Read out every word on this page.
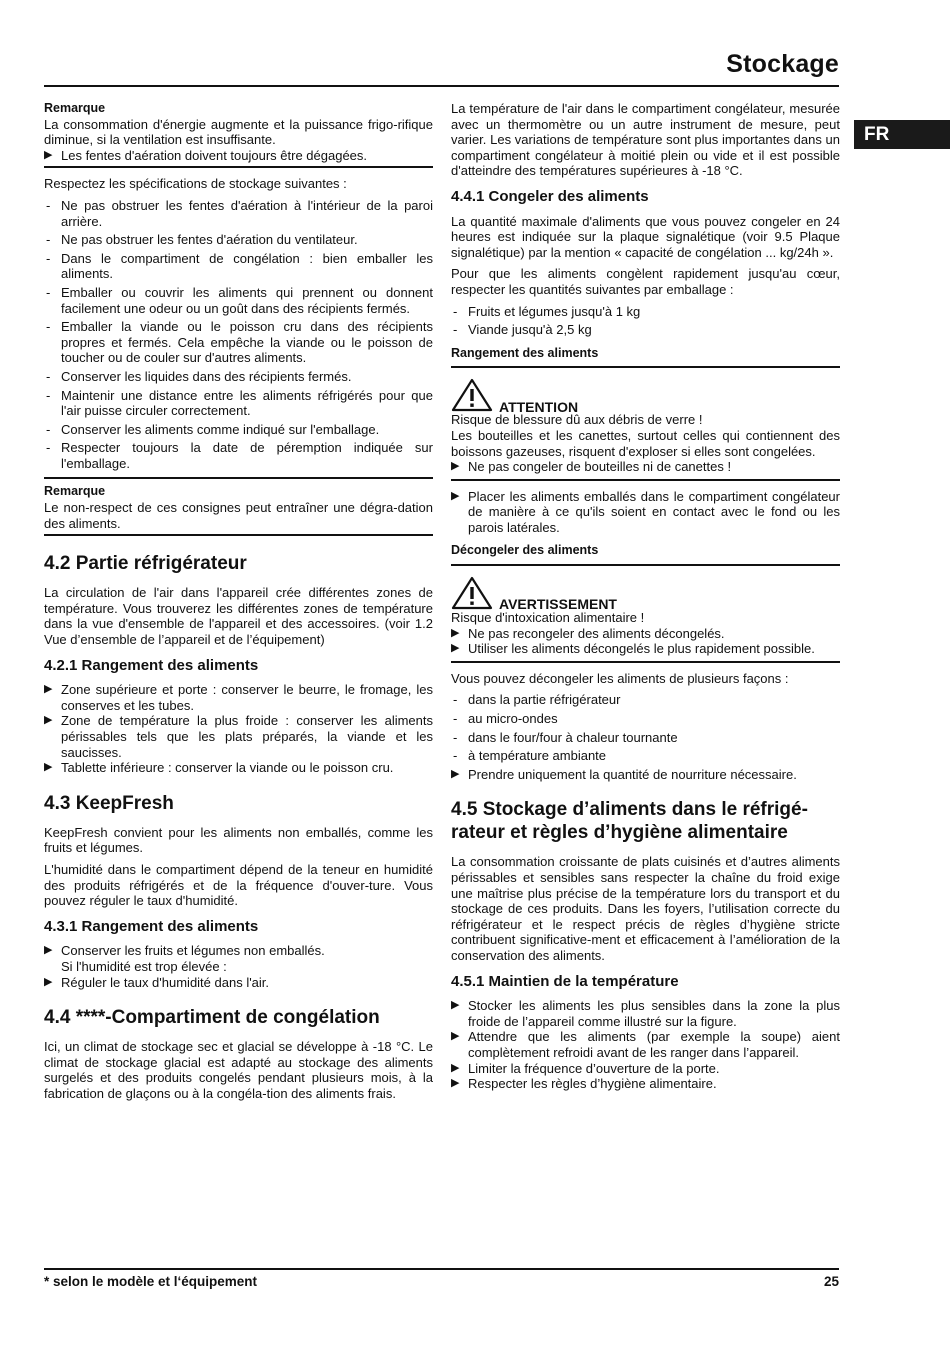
Stockage
FR
Remarque

La consommation d'énergie augmente et la puissance frigo-rifique diminue, si la ventilation est insuffisante.

▶ Les fentes d'aération doivent toujours être dégagées.

Respectez les spécifications de stockage suivantes :

- Ne pas obstruer les fentes d'aération à l'intérieur de la paroi arrière.
- Ne pas obstruer les fentes d'aération du ventilateur.
- Dans le compartiment de congélation : bien emballer les aliments.
- Emballer ou couvrir les aliments qui prennent ou donnent facilement une odeur ou un goût dans des récipients fermés.
- Emballer la viande ou le poisson cru dans des récipients propres et fermés. Cela empêche la viande ou le poisson de toucher ou de couler sur d'autres aliments.
- Conserver les liquides dans des récipients fermés.
- Maintenir une distance entre les aliments réfrigérés pour que l'air puisse circuler correctement.
- Conserver les aliments comme indiqué sur l'emballage.
- Respecter toujours la date de péremption indiquée sur l'emballage.
Remarque

Le non-respect de ces consignes peut entraîner une dégra-dation des aliments.

4.2 Partie réfrigérateur

La circulation de l'air dans l'appareil crée différentes zones de température. Vous trouverez les différentes zones de température dans la vue d'ensemble de l'appareil et des accessoires. (voir 1.2 Vue d’ensemble de l’appareil et de l’équipement)

4.2.1 Rangement des aliments
▶ Zone supérieure et porte : conserver le beurre, le fromage, les conserves et les tubes.
▶ Zone de température la plus froide : conserver les aliments périssables tels que les plats préparés, la viande et les saucisses.
▶ Tablette inférieure : conserver la viande ou le poisson cru.
4.3 KeepFresh

KeepFresh convient pour les aliments non emballés, comme les fruits et légumes.

L'humidité dans le compartiment dépend de la teneur en humidité des produits réfrigérés et de la fréquence d'ouver-ture. Vous pouvez réguler le taux d'humidité.

4.3.1 Rangement des aliments
▶ Conserver les fruits et légumes non emballés.

Si l'humidité est trop élevée :

▶ Réguler le taux d'humidité dans l'air.
4.4 ****-Compartiment de congélation

Ici, un climat de stockage sec et glacial se développe à -18 °C. Le climat de stockage glacial est adapté au stockage des aliments surgelés et des produits congelés pendant plusieurs mois, à la fabrication de glaçons ou à la congéla-tion des aliments frais.

La température de l'air dans le compartiment congélateur, mesurée avec un thermomètre ou un autre instrument de mesure, peut varier. Les variations de température sont plus importantes dans un compartiment congélateur à moitié plein ou vide et il est possible d'atteindre des températures supérieures à -18 °C.

4.4.1 Congeler des aliments

La quantité maximale d'aliments que vous pouvez congeler en 24 heures est indiquée sur la plaque signalétique (voir 9.5 Plaque signalétique) par la mention « capacité de congélation ... kg/24h ».

Pour que les aliments congèlent rapidement jusqu'au cœur, respecter les quantités suivantes par emballage :

- Fruits et légumes jusqu'à 1 kg
- Viande jusqu'à 2,5 kg
Rangement des aliments
ATTENTION
Risque de blessure dû aux débris de verre !

Les bouteilles et les canettes, surtout celles qui contiennent des boissons gazeuses, risquent d'exploser si elles sont congelées.

▶ Ne pas congeler de bouteilles ni de canettes !
▶ Placer les aliments emballés dans le compartiment congélateur de manière à ce qu'ils soient en contact avec le fond ou les parois latérales.
Décongeler des aliments
AVERTISSEMENT
Risque d'intoxication alimentaire !
▶ Ne pas recongeler des aliments décongelés.
▶ Utiliser les aliments décongelés le plus rapidement possible.

Vous pouvez décongeler les aliments de plusieurs façons :

- dans la partie réfrigérateur
- au micro-ondes
- dans le four/four à chaleur tournante
- à température ambiante
▶ Prendre uniquement la quantité de nourriture nécessaire.
4.5 Stockage d’aliments dans le réfrigé-rateur et règles d’hygiène alimentaire

La consommation croissante de plats cuisinés et d’autres aliments périssables et sensibles sans respecter la chaîne du froid exige une maîtrise plus précise de la température lors du transport et du stockage de ces produits. Dans les foyers, l’utilisation correcte du réfrigérateur et le respect précis de règles d’hygiène stricte contribuent significative-ment et efficacement à l’amélioration de la conservation des aliments.

4.5.1 Maintien de la température
▶ Stocker les aliments les plus sensibles dans la zone la plus froide de l’appareil comme illustré sur la figure.
▶ Attendre que les aliments (par exemple la soupe) aient complètement refroidi avant de les ranger dans l’appareil.
▶ Limiter la fréquence d’ouverture de la porte.
▶ Respecter les règles d’hygiène alimentaire.
* selon le modèle et l‘équipement	25
